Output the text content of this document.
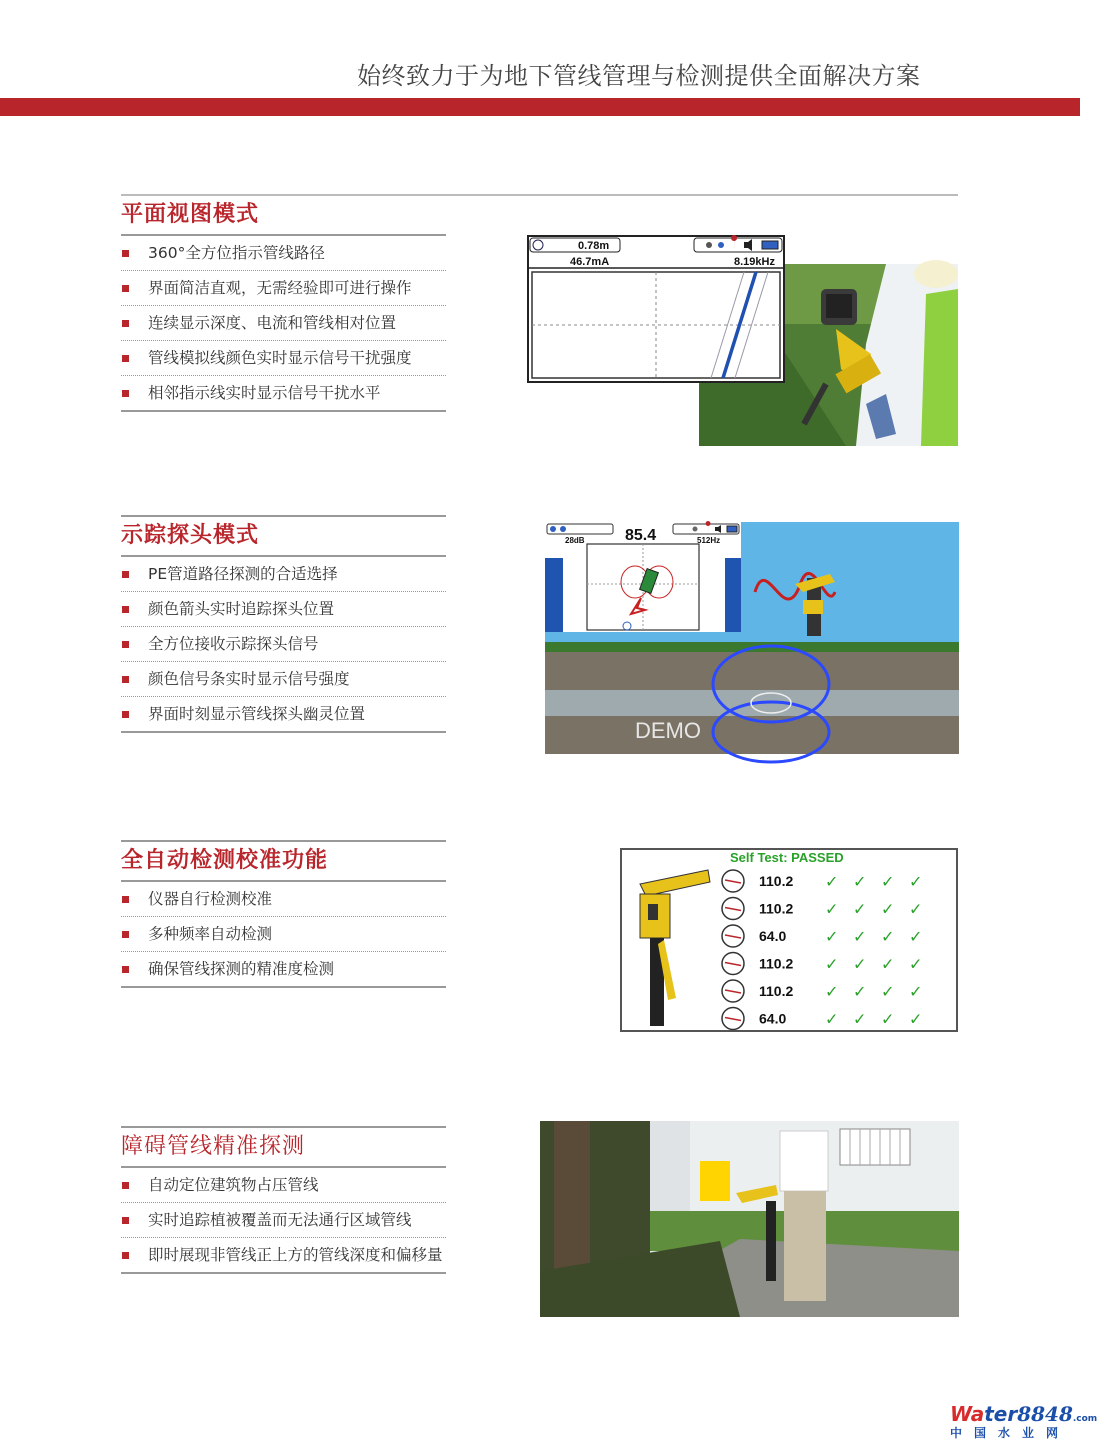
始终致力于为地下管线管理与检测提供全面解决方案
平面视图模式
360°全方位指示管线路径
界面简洁直观，无需经验即可进行操作
连续显示深度、电流和管线相对位置
管线模拟线颜色实时显示信号干扰强度
相邻指示线实时显示信号干扰水平
示踪探头模式
PE管道路径探测的合适选择
颜色箭头实时追踪探头位置
全方位接收示踪探头信号
颜色信号条实时显示信号强度
界面时刻显示管线探头幽灵位置
全自动检测校准功能
仪器自行检测校准
多种频率自动检测
确保管线探测的精准度检测
障碍管线精准探测
自动定位建筑物占压管线
实时追踪植被覆盖而无法通行区域管线
即时展现非管线正上方的管线深度和偏移量
0.78m
46.7mA	8.19kHz
85.4
28dB	512Hz
DEMO
Self Test: PASSED
110.2 ✓ ✓ ✓ ✓
110.2 ✓ ✓ ✓ ✓
64.0 ✓ ✓ ✓ ✓
110.2 ✓ ✓ ✓ ✓
110.2 ✓ ✓ ✓ ✓
64.0 ✓ ✓ ✓ ✓
Water8848.com
中国水业网
